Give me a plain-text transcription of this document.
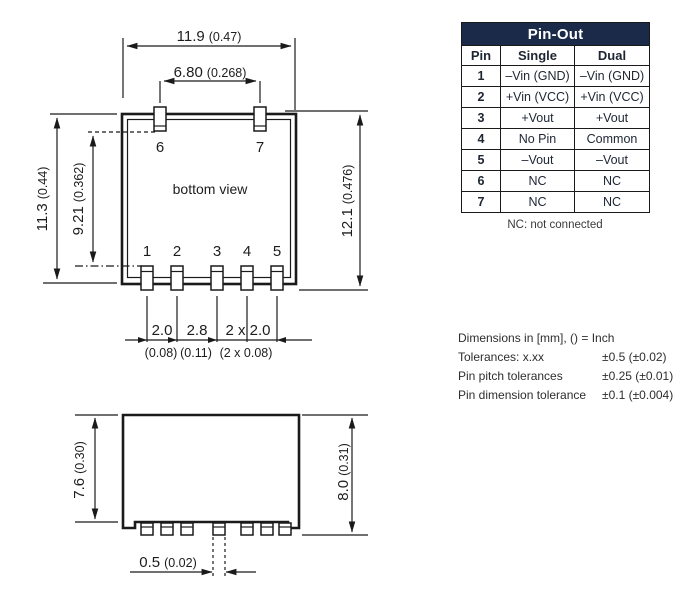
11.9 (0.47)
6.80 (0.268)
11.3(0.44)
9.21(0.362)
12.1(0.476)
6	7
bottom view
1 2 3 4 5
2.0 2.8 2 x 2.0
(0.08) (0.11) (2 x 0.08)
7.6(0.30)
8.0(0.31)
0.5 (0.02)
Pin-Out		
Pin	Single	Dual
1	–Vin (GND)	–Vin (GND)
2	+Vin (VCC)	+Vin (VCC)
3	+Vout	+Vout
4	No Pin	Common
5	–Vout	–Vout
6	NC	NC
7	NC	NC
NC: not connected
Dimensions in [mm], () = Inch
Tolerances: x.xx	±0.5 (±0.02)
Pin pitch tolerances	±0.25 (±0.01)
Pin dimension tolerance	±0.1 (±0.004)
